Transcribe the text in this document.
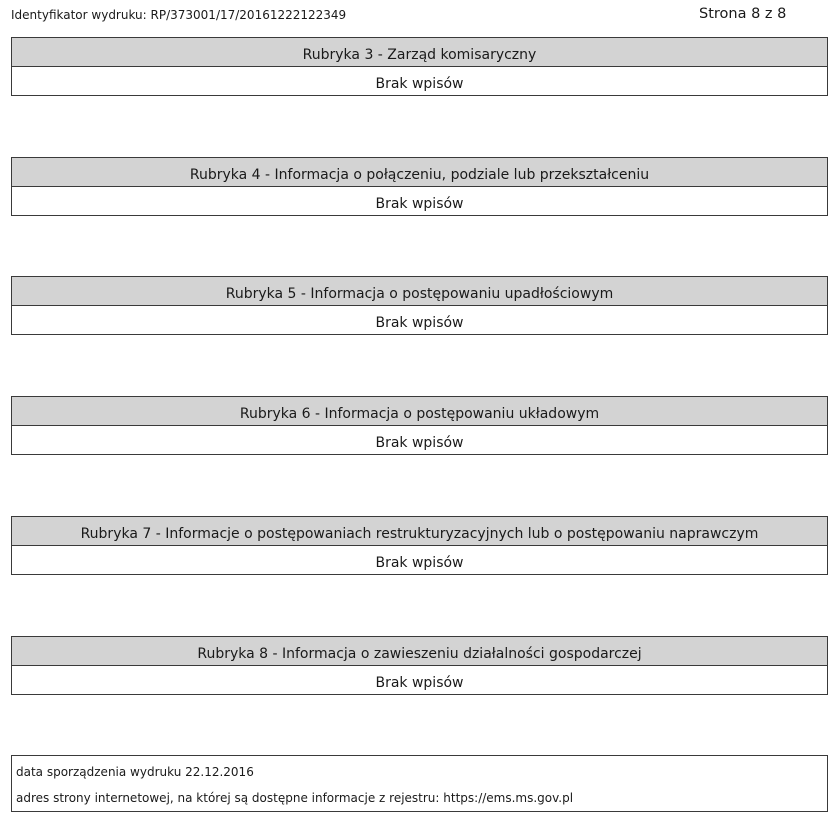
Identyfikator wydruku: RP/373001/17/20161222122349	Strona 8 z 8
Rubryka 3 - Zarząd komisaryczny
Brak wpisów
Rubryka 4 - Informacja o połączeniu, podziale lub przekształceniu
Brak wpisów
Rubryka 5 - Informacja o postępowaniu upadłościowym
Brak wpisów
Rubryka 6 - Informacja o postępowaniu układowym
Brak wpisów
Rubryka 7 - Informacje o postępowaniach restrukturyzacyjnych lub o postępowaniu naprawczym
Brak wpisów
Rubryka 8 - Informacja o zawieszeniu działalności gospodarczej
Brak wpisów
data sporządzenia wydruku 22.12.2016
adres strony internetowej, na której są dostępne informacje z rejestru: https://ems.ms.gov.pl
